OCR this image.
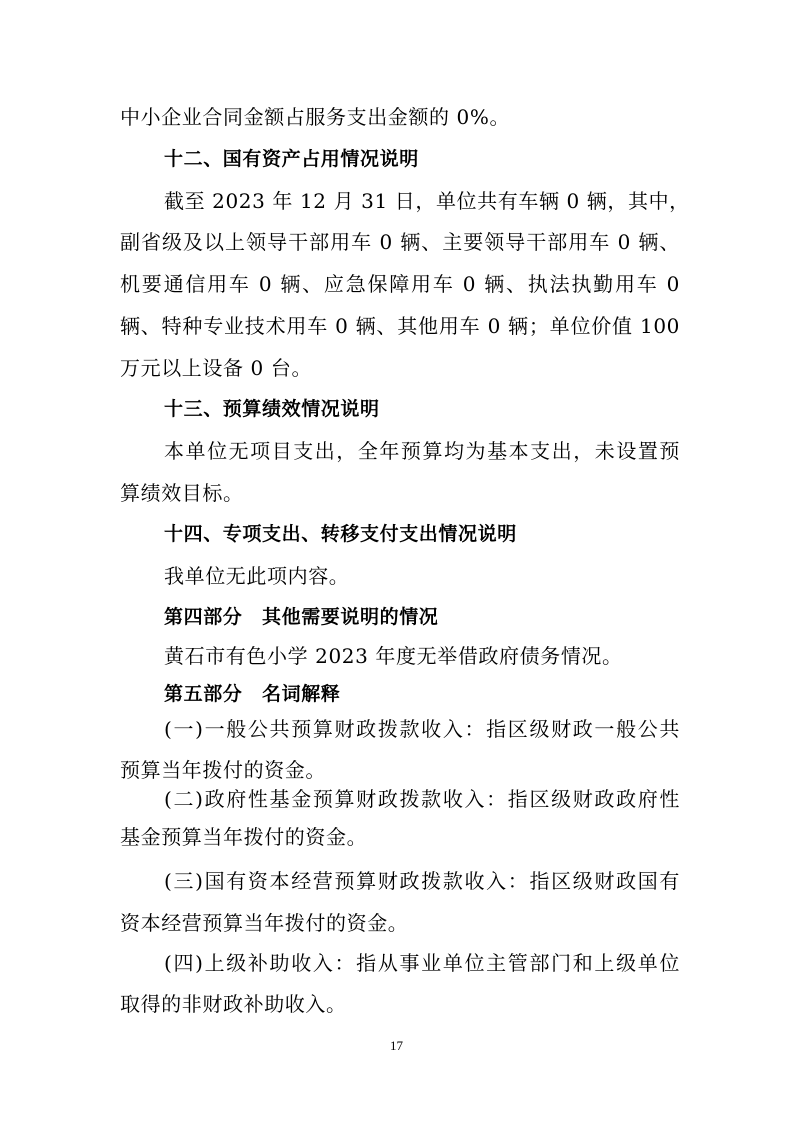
中小企业合同金额占服务支出金额的 0%。
十二、国有资产占用情况说明
截至 2023 年 12 月 31 日，单位共有车辆 0 辆，其中，
副省级及以上领导干部用车 0 辆、主要领导干部用车 0 辆、
机要通信用车 0 辆、应急保障用车 0 辆、执法执勤用车 0
辆、特种专业技术用车 0 辆、其他用车 0 辆；单位价值 100
万元以上设备 0 台。
十三、预算绩效情况说明
本单位无项目支出，全年预算均为基本支出，未设置预
算绩效目标。
十四、专项支出、转移支付支出情况说明
我单位无此项内容。
第四部分　其他需要说明的情况
黄石市有色小学 2023 年度无举借政府债务情况。
第五部分　名词解释
(一)一般公共预算财政拨款收入：指区级财政一般公共
预算当年拨付的资金。
(二)政府性基金预算财政拨款收入：指区级财政政府性
基金预算当年拨付的资金。
(三)国有资本经营预算财政拨款收入：指区级财政国有
资本经营预算当年拨付的资金。
(四)上级补助收入：指从事业单位主管部门和上级单位
取得的非财政补助收入。
17
